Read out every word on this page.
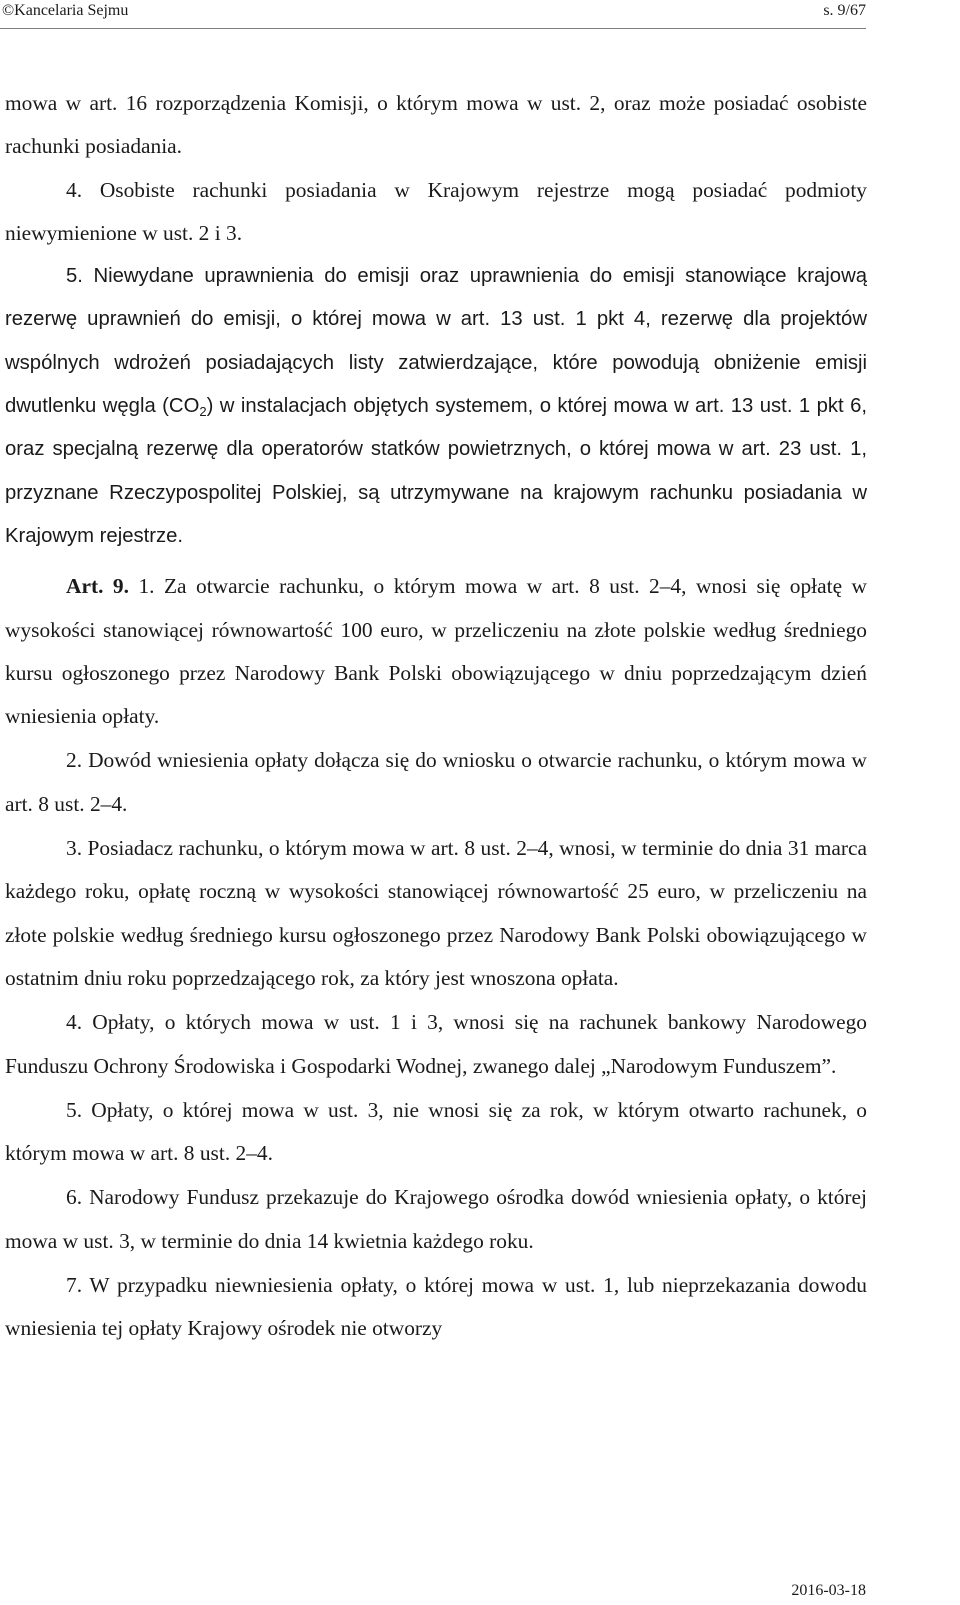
©Kancelaria Sejmu	s. 9/67

mowa w art. 16 rozporządzenia Komisji, o którym mowa w ust. 2, oraz może posiadać osobiste rachunki posiadania.

4. Osobiste rachunki posiadania w Krajowym rejestrze mogą posiadać podmioty niewymienione w ust. 2 i 3.

5. Niewydane uprawnienia do emisji oraz uprawnienia do emisji stanowiące krajową rezerwę uprawnień do emisji, o której mowa w art. 13 ust. 1 pkt 4, rezerwę dla projektów wspólnych wdrożeń posiadających listy zatwierdzające, które powodują obniżenie emisji dwutlenku węgla $(CO_2)$ w instalacjach objętych systemem, o której mowa w art. 13 ust. 1 pkt 6, oraz specjalną rezerwę dla operatorów statków powietrznych, o której mowa w art. 23 ust. 1, przyznane Rzeczypospolitej Polskiej, są utrzymywane na krajowym rachunku posiadania w Krajowym rejestrze.

Art. 9. 1. Za otwarcie rachunku, o którym mowa w art. 8 ust. 2–4, wnosi się opłatę w wysokości stanowiącej równowartość 100 euro, w przeliczeniu na złote polskie według średniego kursu ogłoszonego przez Narodowy Bank Polski obowiązującego w dniu poprzedzającym dzień wniesienia opłaty.

2. Dowód wniesienia opłaty dołącza się do wniosku o otwarcie rachunku, o którym mowa w art. 8 ust. 2–4.

3. Posiadacz rachunku, o którym mowa w art. 8 ust. 2–4, wnosi, w terminie do dnia 31 marca każdego roku, opłatę roczną w wysokości stanowiącej równowartość 25 euro, w przeliczeniu na złote polskie według średniego kursu ogłoszonego przez Narodowy Bank Polski obowiązującego w ostatnim dniu roku poprzedzającego rok, za który jest wnoszona opłata.

4. Opłaty, o których mowa w ust. 1 i 3, wnosi się na rachunek bankowy Narodowego Funduszu Ochrony Środowiska i Gospodarki Wodnej, zwanego dalej „Narodowym Funduszem”.

5. Opłaty, o której mowa w ust. 3, nie wnosi się za rok, w którym otwarto rachunek, o którym mowa w art. 8 ust. 2–4.

6. Narodowy Fundusz przekazuje do Krajowego ośrodka dowód wniesienia opłaty, o której mowa w ust. 3, w terminie do dnia 14 kwietnia każdego roku.

7. W przypadku niewniesienia opłaty, o której mowa w ust. 1, lub nieprzekazania dowodu wniesienia tej opłaty Krajowy ośrodek nie otworzy

2016-03-18
